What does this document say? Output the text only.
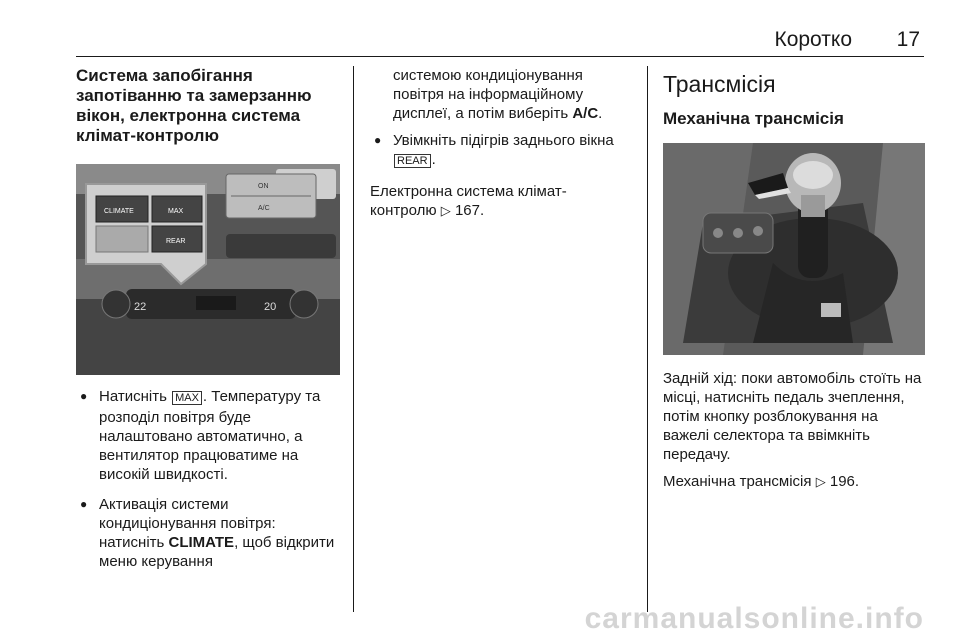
Коротко 17
Система запобігання запотіванню та замерзанню вікон, електронна система клімат-контролю
ON
A/C
CLIMATE	MAX
REAR
22	20
● Натисніть MAX . Температуру та розподіл повітря буде налаштовано автоматично, а вентилятор працюватиме на високій швидкості.
● Активація системи кондиціонування повітря: натисніть CLIMATE, щоб відкрити меню керування

системою кондиціонування повітря на інформаційному дисплеї, а потім виберіть A/C.

● Увімкніть підігрів заднього вікна REAR .

Електронна система клімат-контролю ▷ 167.

Трансмісія
Механічна трансмісія

Задній хід: поки автомобіль стоїть на місці, натисніть педаль зчеплення, потім кнопку розблокування на важелі селектора та ввімкніть передачу.

Механічна трансмісія ▷ 196.

carmanualsonline.info
